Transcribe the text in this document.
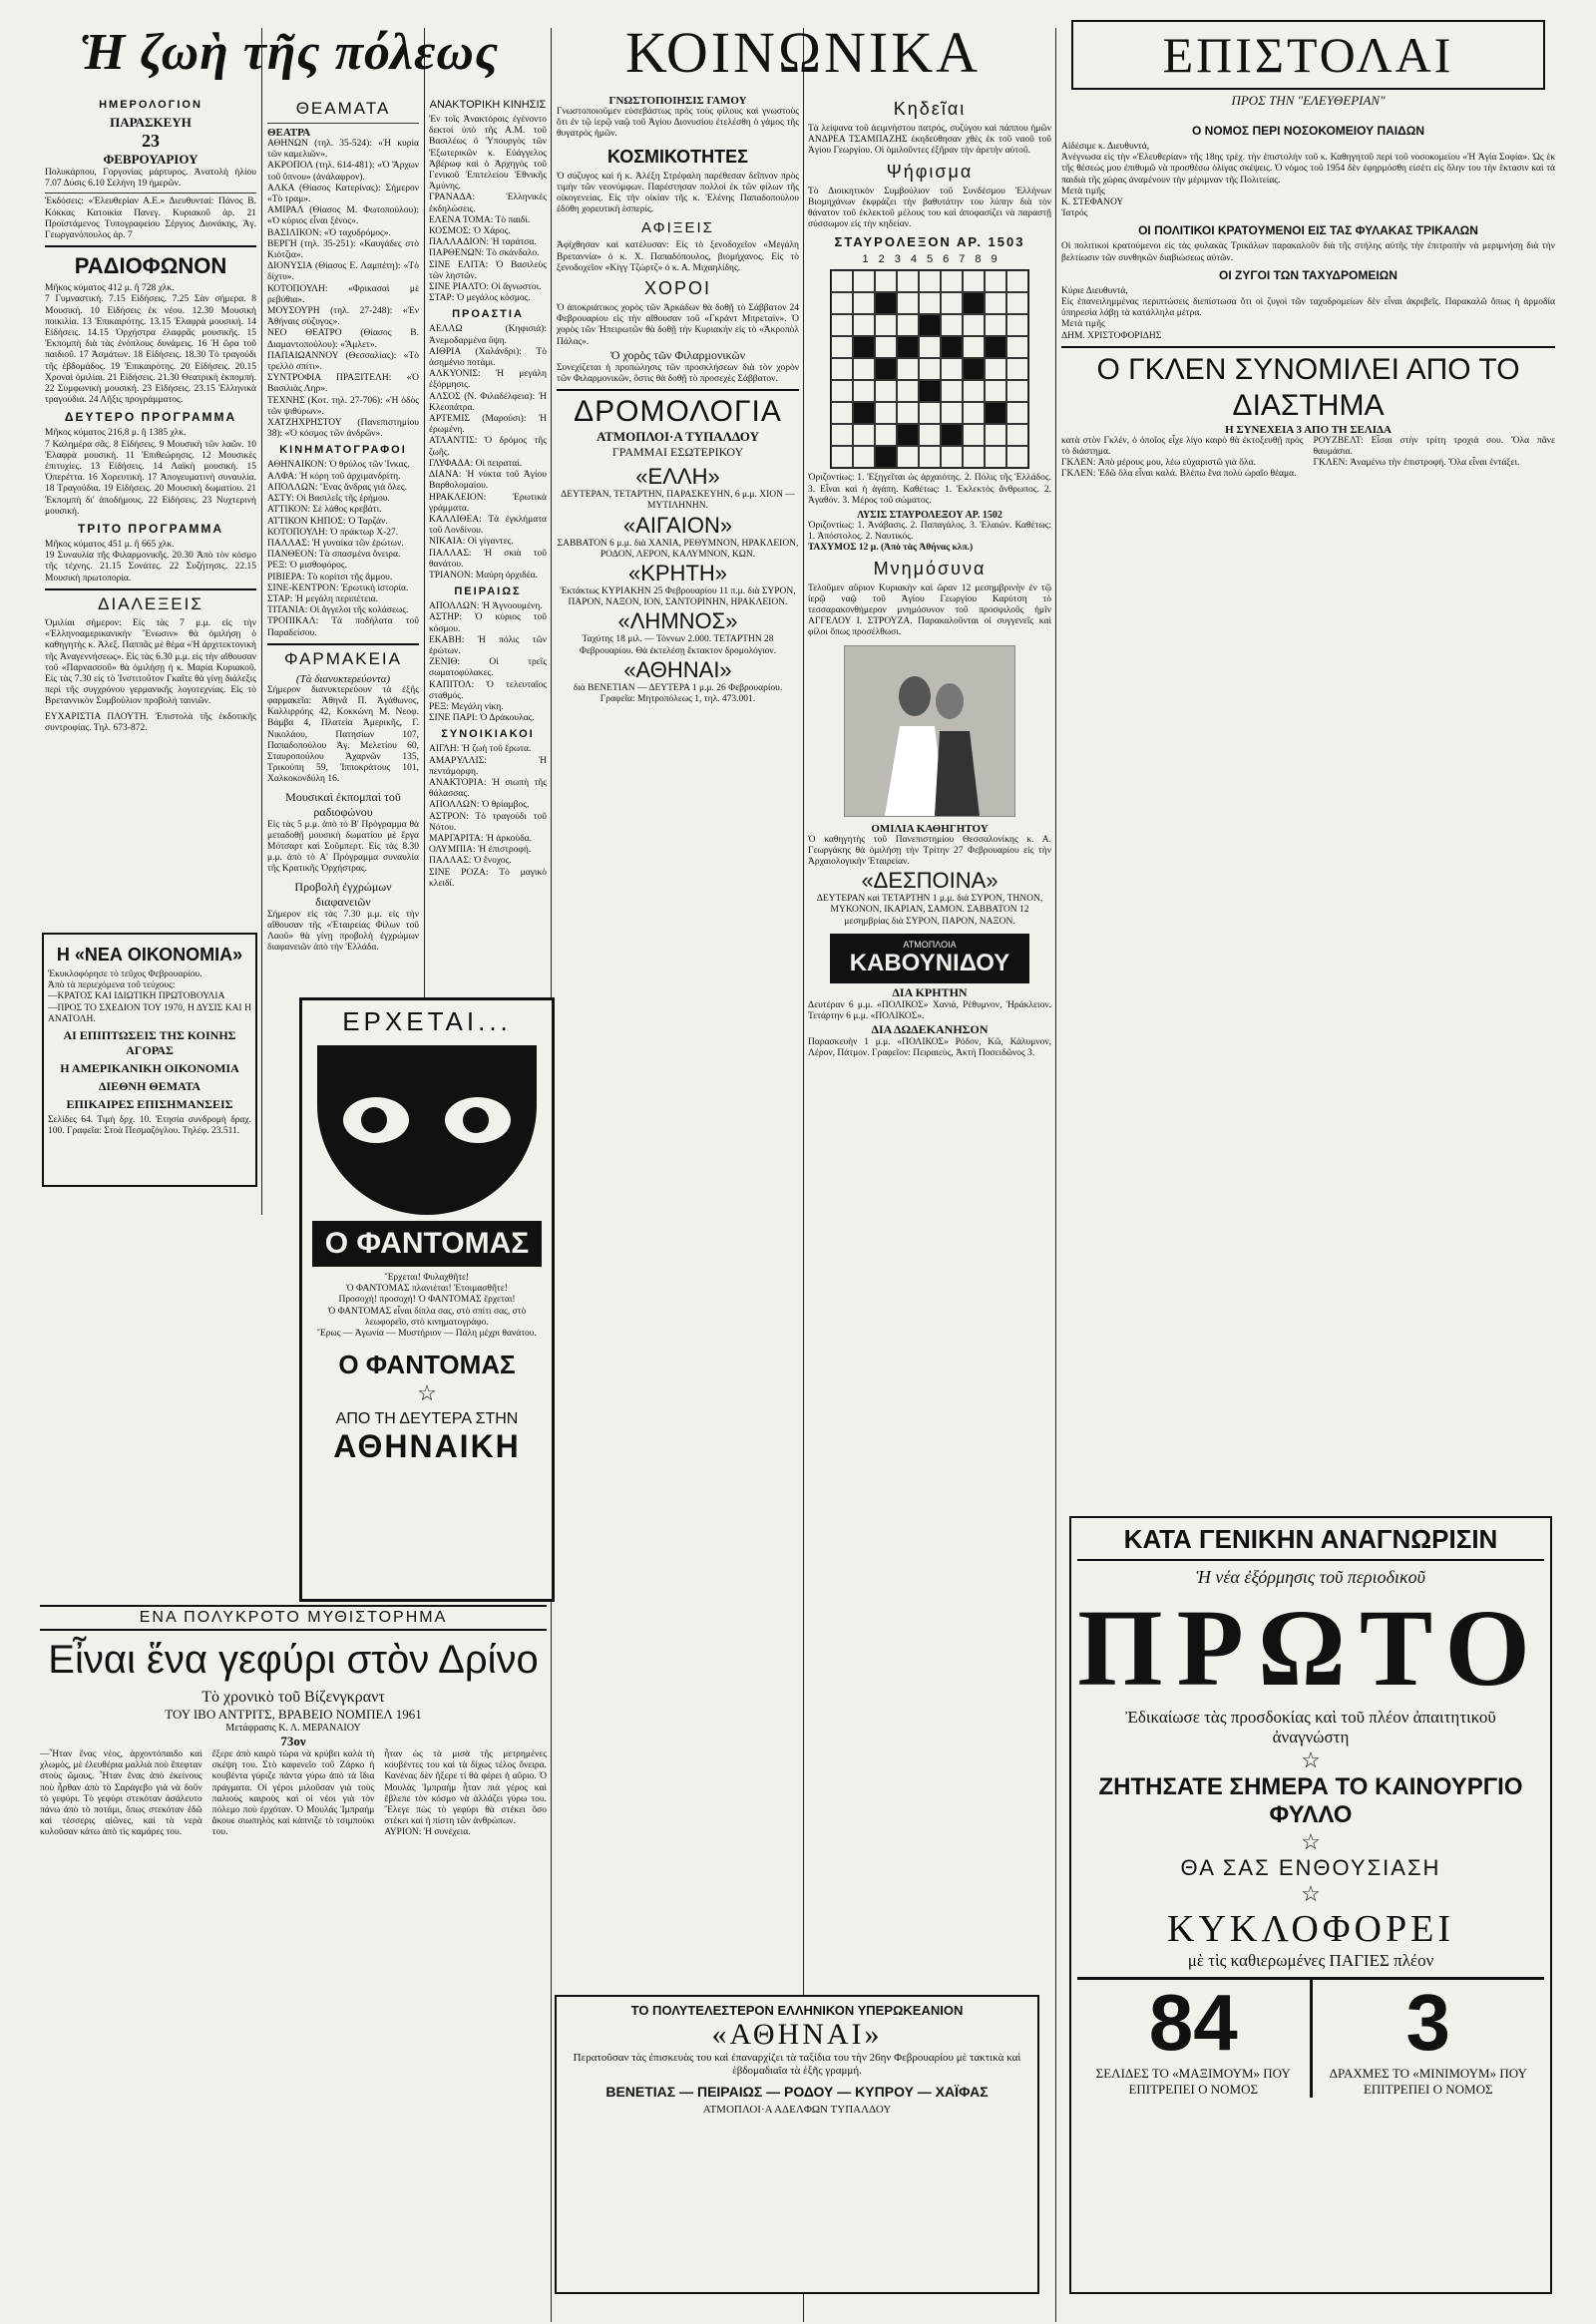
Ἡ ζωὴ τῆς πόλεως
ΗΜΕΡΟΛΟΓΙΟΝ
ΠΑΡΑΣΚΕΥΗ
23
ΦΕΒΡΟΥΑΡΙΟΥ
Πολυκάρπου, Γοργονίας μάρτυρος. Ἀνατολὴ ἡλίου 7.07 Δύσις 6.10 Σελήνη 19 ἡμερῶν.
Ἐκδόσεις: «Ἐλευθερίαν Α.Ε.» Διευθυνταί: Πάνος Β. Κόκκας Κατοικία Πανεγ. Κυριακοῦ ἀρ. 21 Προϊστάμενος Τυπογραφείου Σέργιος Διονάκης, Ἁγ. Γεωργανόπουλος ἀρ. 7
ΡΑΔΙΟΦΩΝΟΝ
Μῆκος κύματος 412 μ. ἢ 728 χλκ.
7 Γυμναστική. 7.15 Εἰδήσεις. 7.25 Σὰν σήμερα. 8 Μουσική. 10 Εἰδήσεις ἐκ νέου. 12.30 Μουσικὴ ποικιλία. 13 Ἐπικαιρότης. 13.15 Ἐλαφρὰ μουσική. 14 Εἰδήσεις. 14.15 Ὀρχήστρα ἐλαφρᾶς μουσικῆς. 15 Ἐκπομπὴ διὰ τὰς ἐνόπλους δυνάμεις. 16 Ἡ ὥρα τοῦ παιδιοῦ. 17 Ἀσμάτων. 18 Εἰδήσεις. 18.30 Τὸ τραγούδι τῆς ἑβδομάδος. 19 Ἐπικαιρότης. 20 Εἰδήσεις. 20.15 Χροναὶ ὁμιλίαι. 21 Εἰδήσεις. 21.30 Θεατρικὴ ἐκπομπή. 22 Συμφωνικὴ μουσική. 23 Εἰδήσεις. 23.15 Ἑλληνικὰ τραγούδια. 24 Λῆξις προγράμματος.
ΔΕΥΤΕΡΟ ΠΡΟΓΡΑΜΜΑ
Μῆκος κύματος 216,8 μ. ἢ 1385 χλκ.
7 Καλημέρα σᾶς. 8 Εἰδήσεις. 9 Μουσικὴ τῶν λαῶν. 10 Ἐλαφρὰ μουσική. 11 Ἐπιθεώρησις. 12 Μουσικὲς ἐπιτυχίες. 13 Εἰδήσεις. 14 Λαϊκὴ μουσική. 15 Ὀπερέττα. 16 Χορευτική. 17 Ἀπογευματινὴ συναυλία. 18 Τραγούδια. 19 Εἰδήσεις. 20 Μουσικὴ δωματίου. 21 Ἐκπομπὴ δι' ἀποδήμους. 22 Εἰδήσεις. 23 Νυχτερινὴ μουσική.
ΤΡΙΤΟ ΠΡΟΓΡΑΜΜΑ
Μῆκος κύματος 451 μ. ἢ 665 χλκ.
19 Συναυλία τῆς Φιλαρμονικῆς. 20.30 Ἀπὸ τὸν κόσμο τῆς τέχνης. 21.15 Σονάτες. 22 Συζήτησις. 22.15 Μουσικὴ πρωτοπορία.
ΔΙΑΛΕΞΕΙΣ
Ὁμιλίαι σήμερον: Εἰς τὰς 7 μ.μ. εἰς τὴν «Ἐλληνοαμερικανικὴν Ἕνωσιν» θὰ ὁμιλήσῃ ὁ καθηγητὴς κ. Ἀλεξ. Παππᾶς μὲ θέμα «Ἡ ἀρχιτεκτονικὴ τῆς Ἀναγεννήσεως». Εἰς τὰς 6.30 μ.μ. εἰς τὴν αἴθουσαν τοῦ «Παρνασσοῦ» θὰ ὁμιλήσῃ ἡ κ. Μαρία Κυριακοῦ. Εἰς τὰς 7.30 εἰς τὸ Ἰνστιτοῦτον Γκαῖτε θὰ γίνῃ διάλεξις περὶ τῆς συγχρόνου γερμανικῆς λογοτεχνίας. Εἰς τὸ Βρεταννικὸν Συμβούλιον προβολὴ ταινιῶν.
ΕΥΧΑΡΙΣΤΙΑ ΠΛΟΥΤΗ. Ἐπιστολὰ τῆς ἐκδοτικῆς συντροφίας. Τηλ. 673-872.
Η «ΝΕΑ ΟΙΚΟΝΟΜΙΑ»
Ἐκυκλοφόρησε τὸ τεῦχος Φεβρουαρίου.
Ἀπὸ τὰ περιεχόμενα τοῦ τεύχους:
—ΚΡΑΤΟΣ ΚΑΙ ΙΔΙΩΤΙΚΗ ΠΡΩΤΟΒΟΥΛΙΑ
—ΠΡΟΣ ΤΟ ΣΧΕΔΙΟΝ ΤΟΥ 1970, Η ΔΥΣΙΣ ΚΑΙ Η ΑΝΑΤΟΛΗ.
ΑΙ ΕΠΙΠΤΩΣΕΙΣ ΤΗΣ ΚΟΙΝΗΣ ΑΓΟΡΑΣ
Η ΑΜΕΡΙΚΑΝΙΚΗ ΟΙΚΟΝΟΜΙΑ
ΔΙΕΘΝΗ ΘΕΜΑΤΑ
ΕΠΙΚΑΙΡΕΣ ΕΠΙΣΗΜΑΝΣΕΙΣ
Σελίδες 64. Τιμὴ δρχ. 10. Ἐτησία συνδρομὴ δραχ. 100. Γραφεῖα: Στοὰ Πεσμαζόγλου. Τηλέφ. 23.511.
ΘΕΑΜΑΤΑ
ΘΕΑΤΡΑ
ΑΘΗΝΩΝ (τηλ. 35-524): «Ἡ κυρία τῶν καμελιῶν».
ΑΚΡΟΠΟΛ (τηλ. 614-481): «Ὁ Ἄρχων τοῦ ὕπνου» (ἀνάλαφρον).
ΑΛΚΑ (Θίασος Κατερίνας): Σήμερον «Τὸ τραμ».
ΑΜΙΡΑΛ (Θίασος Μ. Φωτοπούλου): «Ὁ κύριος εἶναι ξένος».
ΒΑΣΙΛΙΚΟΝ: «Ὁ ταχυδρόμος».
ΒΕΡΓΗ (τηλ. 35-251): «Καυγάδες στὸ Κιότζια».
ΔΙΟΝΥΣΙΑ (Θίασος Ε. Λαμπέτη): «Τὸ δίχτυ».
ΚΟΤΟΠΟΥΛΗ: «Φρικασαὶ μὲ ρεβύθια».
ΜΟΥΣΟΥΡΗ (τηλ. 27-248): «Ἐν Ἀθήναις σύζυγος».
ΝΕΟ ΘΕΑΤΡΟ (Θίασος Β. Διαμαντοπούλου): «Ἅμλετ».
ΠΑΠΑΙΩΑΝΝΟΥ (Θεσσαλίας): «Τὸ τρελλὸ σπίτι».
ΣΥΝΤΡΟΦΙΑ ΠΡΑΞΙΤΕΛΗ: «Ὁ Βασιλιὰς Ληρ».
ΤΕΧΝΗΣ (Κοτ. τηλ. 27-706): «Ἡ ὁδὸς τῶν ψιθύρων».
ΧΑΤΖΗΧΡΗΣΤΟΥ (Πανεπιστημίου 38): «Ὁ κόσμος τῶν ἀνδρῶν».
ΚΙΝΗΜΑΤΟΓΡΑΦΟΙ
ΑΘΗΝΑΙΚΟΝ: Ὁ θρύλος τῶν Ἰνκας.
ΑΛΦΑ: Ἡ κόρη τοῦ ἀρχιμανδρίτη.
ΑΠΟΛΛΩΝ: Ἕνας ἄνδρας γιὰ ὅλες.
ΑΣΤΥ: Οἱ Βασιλεῖς τῆς ἐρήμου.
ΑΤΤΙΚΟΝ: Σὲ λάθος κρεβάτι.
ΑΤΤΙΚΟΝ ΚΗΠΟΣ: Ὁ Ταρζάν.
ΚΟΤΟΠΟΥΛΗ: Ὁ πράκτωρ Χ-27.
ΠΑΛΛΑΣ: Ἡ γυναίκα τῶν ἐρώτων.
ΠΑΝΘΕΟΝ: Τὰ σπασμένα ὄνειρα.
ΡΕΞ: Ὁ μισθοφόρος.
ΡΙΒΙΕΡΑ: Τὸ κορίτσι τῆς ἄμμου.
ΣΙΝΕ-ΚΕΝΤΡΟΝ: Ἐρωτικὴ ἱστορία.
ΣΤΑΡ: Ἡ μεγάλη περιπέτεια.
ΤΙΤΑΝΙΑ: Οἱ ἄγγελοι τῆς κολάσεως.
ΤΡΟΠΙΚΑΛ: Τὰ ποδήλατα τοῦ Παραδείσου.
ΦΑΡΜΑΚΕΙΑ
(Τὰ διανυκτερεύοντα)
Σήμερον διανυκτερεύουν τὰ ἑξῆς φαρμακεῖα: Ἀθηνᾶ Π. Ἀγάθωνος, Καλλιρρόης 42, Κοκκώνη Μ. Νεοφ. Βάμβα 4, Πλατεία Ἀμερικῆς, Γ. Νικολάου, Πατησίων 107, Παπαδοπούλου Ἀγ. Μελετίου 60, Σταυροπούλου Ἀχαρνῶν 135, Τρικούπη 59, Ἱπποκράτους 101, Χαλκοκονδύλη 16.
Μουσικαὶ ἐκπομπαὶ τοῦ ραδιοφώνου
Εἰς τὰς 5 μ.μ. ἀπὸ τὸ Β' Πρόγραμμα θὰ μεταδοθῇ μουσικὴ δωματίου μὲ ἔργα Μότσαρτ καὶ Σοῦμπερτ. Εἰς τὰς 8.30 μ.μ. ἀπὸ τὸ Α' Πρόγραμμα συναυλία τῆς Κρατικῆς Ὀρχήστρας.
Προβολὴ ἐγχρώμων διαφανειῶν
Σήμερον εἰς τὰς 7.30 μ.μ. εἰς τὴν αἴθουσαν τῆς «Ἑταιρείας Φίλων τοῦ Λαοῦ» θὰ γίνῃ προβολὴ ἐγχρώμων διαφανειῶν ἀπὸ τὴν Ἑλλάδα.
ΑΝΑΚΤΟΡΙΚΗ ΚΙΝΗΣΙΣ
Ἐν τοῖς Ἀνακτόροις ἐγένοντο δεκτοί ὑπὸ τῆς Α.Μ. τοῦ Βασιλέως ὁ Ὑπουργὸς τῶν Ἐξωτερικῶν κ. Εὐάγγελος Ἀβέρωφ καὶ ὁ Ἀρχηγὸς τοῦ Γενικοῦ Ἐπιτελείου Ἐθνικῆς Ἀμύνης.
ΓΡΑΝΑΔΑ: Ἑλληνικὲς ἐκδηλώσεις.
ΕΛΕΝΑ ΤΟΜΑ: Τὸ παιδί.
ΚΟΣΜΟΣ: Ὁ Χάρος.
ΠΑΛΛΑΔΙΟΝ: Ἡ ταράτσα.
ΠΑΡΘΕΝΩΝ: Τὸ σκάνδαλο.
ΣΙΝΕ ΕΛΙΤΑ: Ὁ Βασιλεὺς τῶν ληστῶν.
ΣΙΝΕ ΡΙΑΛΤΟ: Οἱ ἄγνωστοι.
ΣΤΑΡ: Ὁ μεγάλος κόσμος.
ΠΡΟΑΣΤΙΑ
ΑΕΛΛΩ (Κηφισιά): Ἀνεμοδαρμένα ὕψη.
ΑΙΘΡΙΑ (Χαλάνδρι): Τὸ ἀσημένιο ποτάμι.
ΑΛΚΥΟΝΙΣ: Ἡ μεγάλη ἐξόρμησις.
ΑΛΣΟΣ (Ν. Φιλαδέλφεια): Ἡ Κλεοπάτρα.
ΑΡΤΕΜΙΣ (Μαρούσι): Ἡ ἐρωμένη.
ΑΤΛΑΝΤΙΣ: Ὁ δρόμος τῆς ζωῆς.
ΓΛΥΦΑΔΑ: Οἱ πειραταί.
ΔΙΑΝΑ: Ἡ νύκτα τοῦ Ἁγίου Βαρθολομαίου.
ΗΡΑΚΛΕΙΟΝ: Ἐρωτικὰ γράμματα.
ΚΑΛΛΙΘΕΑ: Τὰ ἐγκλήματα τοῦ Λονδίνου.
ΝΙΚΑΙΑ: Οἱ γίγαντες.
ΠΑΛΛΑΣ: Ἡ σκιὰ τοῦ θανάτου.
ΤΡΙΑΝΟΝ: Μαύρη ὀρχιδέα.
ΠΕΙΡΑΙΩΣ
ΑΠΟΛΛΩΝ: Ἡ Ἀγνοουμένη.
ΑΣΤΗΡ: Ὁ κύριος τοῦ κόσμου.
ΕΚΑΒΗ: Ἡ πόλις τῶν ἐρώτων.
ΖΕΝΙΘ: Οἱ τρεῖς σωματοφύλακες.
ΚΑΠΙΤΟΛ: Ὁ τελευταῖος σταθμός.
ΡΕΞ: Μεγάλη νίκη.
ΣΙΝΕ ΠΑΡΙ: Ὁ Δράκουλας.
ΣΥΝΟΙΚΙΑΚΟΙ
ΑΙΓΛΗ: Ἡ ζωὴ τοῦ ἔρωτα.
ΑΜΑΡΥΛΛΙΣ: Ἡ πεντάμορφη.
ΑΝΑΚΤΟΡΙΑ: Ἡ σιωπὴ τῆς θάλασσας.
ΑΠΟΛΛΩΝ: Ὁ θρίαμβος.
ΑΣΤΡΟΝ: Τὸ τραγούδι τοῦ Νότου.
ΜΑΡΓΑΡΙΤΑ: Ἡ ἀρκούδα.
ΟΛΥΜΠΙΑ: Ἡ ἐπιστροφή.
ΠΑΛΛΑΣ: Ὁ ἔνοχος.
ΣΙΝΕ ΡΟΖΑ: Τὸ μαγικὸ κλειδί.
ΕΡΧΕΤΑΙ...
Ο ΦΑΝΤΟΜΑΣ
Ἔρχεται! Φυλαχθῆτε!
Ὁ ΦΑΝΤΟΜΑΣ πλανιέται! Ἑτοιμασθῆτε!
Προσοχή! προσοχή! Ὁ ΦΑΝΤΟΜΑΣ ἔρχεται!
Ὁ ΦΑΝΤΟΜΑΣ εἶναι δίπλα σας, στὸ σπίτι σας, στὸ λεωφορεῖο, στὸ κινηματογράφο.
Ἔρως — Ἀγωνία — Μυστήριον — Πάλη μέχρι θανάτου.
Ο ΦΑΝΤΟΜΑΣ
☆
ΑΠΟ ΤΗ ΔΕΥΤΕΡΑ ΣΤΗΝ
ΑΘΗΝΑΙΚΗ
ΕΝΑ ΠΟΛΥΚΡΟΤΟ ΜΥΘΙΣΤΟΡΗΜΑ
Εἶναι ἕνα γεφύρι στὸν Δρίνο
Τὸ χρονικὸ τοῦ Βίζενγκραντ
ΤΟΥ ΙΒΟ ΑΝΤΡΙΤΣ, ΒΡΑΒΕΙΟ ΝΟΜΠΕΛ 1961
Μετάφρασις Κ. Λ. ΜΕΡΑΝΑΙΟΥ
73ον
—Ἦταν ἕνας νέος, ἀρχοντόπαιδο καὶ χλωμός, μὲ ἐλευθέρια μαλλιὰ ποὺ ἔπεφταν στοὺς ὤμους. Ἦταν ἕνας ἀπὸ ἐκείνους ποὺ ἦρθαν ἀπὸ τὸ Σαράγεβο γιὰ νὰ δοῦν τὸ γεφύρι. Τὸ γεφύρι στεκόταν ἀσάλευτο πάνω ἀπὸ τὸ ποτάμι, ὅπως στεκόταν ἐδῶ καὶ τέσσερις αἰῶνες, καὶ τὰ νερὰ κυλοῦσαν κάτω ἀπὸ τὶς καμάρες του.
ἔξερε ἀπὸ καιρὸ τώρα νὰ κρύβει καλὰ τὴ σκέψη του. Στὸ καφενεῖο τοῦ Ζάρκο ἡ κουβέντα γύριζε πάντα γύρω ἀπὸ τὰ ἴδια πράγματα. Οἱ γέροι μιλοῦσαν γιὰ τοὺς παλιοὺς καιροὺς καὶ οἱ νέοι γιὰ τὸν πόλεμο ποὺ ἐρχόταν. Ὁ Μουλάς Ἰμπραήμ ἄκουε σιωπηλὸς καὶ κάπνιζε τὸ τσιμπούκι του.
ἦταν ὡς τὰ μισὰ τῆς μετρημένες κουβέντες του καὶ τὰ δίχως τέλος ὄνειρα. Κανένας δὲν ἤξερε τί θὰ φέρει ἡ αὔριο. Ὁ Μουλὰς Ἰμπραὴμ ἦταν πιὰ γέρος καὶ ἔβλεπε τὸν κόσμο νὰ ἀλλάζει γύρω του. Ἔλεγε πὼς τὸ γεφύρι θὰ στέκει ὅσο στέκει καὶ ἡ πίστη τῶν ἀνθρώπων.
ΑΥΡΙΟΝ: Ἡ συνέχεια.
ΚΟΙΝΩΝΙΚΑ
ΓΝΩΣΤΟΠΟΙΗΣΙΣ ΓΑΜΟΥ
Γνωστοποιοῦμεν εὐσεβάστως πρὸς τοὺς φίλους καὶ γνωστοὺς ὅτι ἐν τῷ ἱερῷ ναῷ τοῦ Ἁγίου Διονυσίου ἐτελέσθη ὁ γάμος τῆς θυγατρὸς ἡμῶν.
ΚΟΣΜΙΚΟΤΗΤΕΣ
Ὁ σύζυγος καὶ ἡ κ. Ἀλέξη Στρέφαλη παρέθεσαν δεῖπνον πρὸς τιμὴν τῶν νεονύμφων. Παρέστησαν πολλοὶ ἐκ τῶν φίλων τῆς οἰκογενείας. Εἰς τὴν οἰκίαν τῆς κ. Ἑλένης Παπαδοπούλου ἐδόθη χορευτικὴ ἑσπερίς.
ΑΦΙΞΕΙΣ
Ἀφίχθησαν καὶ κατέλυσαν: Εἰς τὸ ξενοδοχεῖον «Μεγάλη Βρεταννία» ὁ κ. Χ. Παπαδόπουλος, βιομήχανος. Εἰς τὸ ξενοδοχεῖον «Κίγγ Τζώρτζ» ὁ κ. Α. Μιχαηλίδης.
ΧΟΡΟΙ
Ὁ ἀποκριάτικος χορὸς τῶν Ἀρκάδων θὰ δοθῇ τὸ Σάββατον 24 Φεβρουαρίου εἰς τὴν αἴθουσαν τοῦ «Γκράντ Μπρεταίν». Ὁ χορὸς τῶν Ἠπειρωτῶν θὰ δοθῇ τὴν Κυριακὴν εἰς τὸ «Ἀκροπὸλ Πάλας».
Ὁ χορὸς τῶν Φιλαρμονικῶν
Συνεχίζεται ἡ προπώλησις τῶν προσκλήσεων διὰ τὸν χορὸν τῶν Φιλαρμονικῶν, ὅστις θὰ δοθῇ τὸ προσεχὲς Σάββατον.
ΔΡΟΜΟΛΟΓΙΑ
ΑΤΜΟΠΛΟΙ·Α ΤΥΠΑΛΔΟΥ
ΓΡΑΜΜΑΙ ΕΣΩΤΕΡΙΚΟΥ
«ΕΛΛΗ»
ΔΕΥΤΕΡΑΝ, ΤΕΤΑΡΤΗΝ, ΠΑΡΑΣΚΕΥΗΝ, 6 μ.μ. ΧΙΟΝ — ΜΥΤΙΛΗΝΗΝ.
«ΑΙΓΑΙΟΝ»
ΣΑΒΒΑΤΟΝ 6 μ.μ. διὰ ΧΑΝΙΑ, ΡΕΘΥΜΝΟΝ, ΗΡΑΚΛΕΙΟΝ, ΡΟΔΟΝ, ΛΕΡΟΝ, ΚΑΛΥΜΝΟΝ, ΚΩΝ.
«ΚΡΗΤΗ»
Ἐκτάκτως ΚΥΡΙΑΚΗΝ 25 Φεβρουαρίου 11 π.μ. διὰ ΣΥΡΟΝ, ΠΑΡΟΝ, ΝΑΞΟΝ, ΙΟΝ, ΣΑΝΤΟΡΙΝΗΝ, ΗΡΑΚΛΕΙΟΝ.
«ΛΗΜΝΟΣ»
Ταχύτης 18 μιλ. — Τόννων 2.000. ΤΕΤΑΡΤΗΝ 28 Φεβρουαρίου. Θὰ ἐκτελέσῃ ἔκτακτον δρομολόγιον.
«ΑΘΗΝΑΙ»
διὰ ΒΕΝΕΤΙΑΝ — ΔΕΥΤΕΡΑ 1 μ.μ. 26 Φεβρουαρίου. Γραφεῖα: Μητροπόλεως 1, τηλ. 473.001.
Κηδεῖαι
Τὰ λείψανα τοῦ ἀειμνήστου πατρός, συζύγου καὶ πάππου ἡμῶν ΑΝΔΡΕΑ ΤΣΑΜΠΑΖΗΣ ἐκηδεύθησαν χθὲς ἐκ τοῦ ναοῦ τοῦ Ἁγίου Γεωργίου. Οἱ ὁμιλοῦντες ἐξῆραν τὴν ἀρετὴν αὐτοῦ.
Ψήφισμα
Τὸ Διοικητικὸν Συμβούλιον τοῦ Συνδέσμου Ἑλλήνων Βιομηχάνων ἐκφράζει τὴν βαθυτάτην του λύπην διὰ τὸν θάνατον τοῦ ἐκλεκτοῦ μέλους του καὶ ἀποφασίζει νὰ παραστῇ σύσσωμον εἰς τὴν κηδείαν.
ΣΤΑΥΡΟΛΕΞΟΝ ΑΡ. 1503
1 2 3 4 5 6 7 8 9
Ὁριζοντίως: 1. Ἐξηγεῖται ὡς ἀρχαιότης. 2. Πόλις τῆς Ἑλλάδος. 3. Εἶναι καὶ ἡ ἀγάπη. Καθέτως: 1. Ἐκλεκτὸς ἄνθρωπος. 2. Ἀγαθόν. 3. Μέρος τοῦ σώματος.
ΛΥΣΙΣ ΣΤΑΥΡΟΛΕΞΟΥ ΑΡ. 1502
Ὁριζοντίως: 1. Ἀνάβασις. 2. Παπαγάλος. 3. Ἐλαιών. Καθέτως: 1. Ἀπόστολος. 2. Ναυτικός.
ΤΑΧΥΜΟΣ 12 μ. (Ἀπὸ τὰς Ἀθήνας κλπ.)
Μνημόσυνα
Τελοῦμεν αὔριον Κυριακὴν καὶ ὥραν 12 μεσημβρινὴν ἐν τῷ ἱερῷ ναῷ τοῦ Ἁγίου Γεωργίου Καρύτση τὸ τεσσαρακονθήμερον μνημόσυνον τοῦ προσφιλοῦς ἡμῖν ΑΓΓΕΛΟΥ Ι. ΣΤΡΟΥΖΑ. Παρακαλοῦνται οἱ συγγενεῖς καὶ φίλοι ὅπως προσέλθωσι.
ΟΜΙΛΙΑ ΚΑΘΗΓΗΤΟΥ
Ὁ καθηγητὴς τοῦ Πανεπιστημίου Θεσσαλονίκης κ. Α. Γεωργάκης θὰ ὁμιλήσῃ τὴν Τρίτην 27 Φεβρουαρίου εἰς τὴν Ἀρχαιολογικὴν Ἑταιρείαν.
«ΔΕΣΠΟΙΝΑ»
ΔΕΥΤΕΡΑΝ καὶ ΤΕΤΑΡΤΗΝ 1 μ.μ. διὰ ΣΥΡΟΝ, ΤΗΝΟΝ, ΜΥΚΟΝΟΝ, ΙΚΑΡΙΑΝ, ΣΑΜΟΝ. ΣΑΒΒΑΤΟΝ 12 μεσημβρίας διὰ ΣΥΡΟΝ, ΠΑΡΟΝ, ΝΑΞΟΝ.
ΑΤΜΟΠΛΟΙΑ
ΚΑΒΟΥΝΙΔΟΥ
ΔΙΑ ΚΡΗΤΗΝ
Δευτέραν 6 μ.μ. «ΠΟΛΙΚΟΣ» Χανιά, Ρέθυμνον, Ἡράκλειον. Τετάρτην 6 μ.μ. «ΠΟΛΙΚΟΣ».
ΔΙΑ ΔΩΔΕΚΑΝΗΣΟΝ
Παρασκευὴν 1 μ.μ. «ΠΟΛΙΚΟΣ» Ρόδον, Κῶ, Κάλυμνον, Λέρον, Πάτμον. Γραφεῖον: Πειραιεὺς, Ἀκτὴ Ποσειδῶνος 3.
ΤΟ ΠΟΛΥΤΕΛΕΣΤΕΡΟΝ ΕΛΛΗΝΙΚΟΝ ΥΠΕΡΩΚΕΑΝΙΟΝ
«ΑΘΗΝΑΙ»
Περατοῦσαν τὰς ἐπισκευὰς του καὶ ἐπαναρχίζει τὰ ταξίδια του τὴν 26ην Φεβρουαρίου μὲ τακτικὰ καὶ ἑβδομαδιαῖα τὰ ἑξῆς γραμμή.
ΒΕΝΕΤΙΑΣ — ΠΕΙΡΑΙΩΣ — ΡΟΔΟΥ — ΚΥΠΡΟΥ — ΧΑΪΦΑΣ
ΑΤΜΟΠΛΟΙ·Α ΑΔΕΛΦΩΝ ΤΥΠΑΛΔΟΥ
ΕΠΙΣΤΟΛΑΙ
ΠΡΟΣ ΤΗΝ "ΕΛΕΥΘΕΡΙΑΝ"
Ο ΝΟΜΟΣ ΠΕΡΙ ΝΟΣΟΚΟΜΕΙΟΥ ΠΑΙΔΩΝ
Αἰδέσιμε κ. Διευθυντά,
Ἀνέγνωσα εἰς τὴν «Ἐλευθερίαν» τῆς 18ης τρέχ. τὴν ἐπιστολὴν τοῦ κ. Καθηγητοῦ περὶ τοῦ νοσοκομείου «Ἡ Ἁγία Σοφία». Ὡς ἐκ τῆς θέσεώς μου ἐπιθυμῶ νὰ προσθέσω ὀλίγας σκέψεις. Ὁ νόμος τοῦ 1954 δὲν ἐφηρμόσθη εἰσέτι εἰς ὅλην του τὴν ἔκτασιν καὶ τὰ παιδιὰ τῆς χώρας ἀναμένουν τὴν μέριμναν τῆς Πολιτείας.
Μετὰ τιμῆς
Κ. ΣΤΕΦΑΝΟΥ
Ἰατρός
ΟΙ ΠΟΛΙΤΙΚΟΙ ΚΡΑΤΟΥΜΕΝΟΙ ΕΙΣ ΤΑΣ ΦΥΛΑΚΑΣ ΤΡΙΚΑΛΩΝ
Οἱ πολιτικοὶ κρατούμενοι εἰς τὰς φυλακὰς Τρικάλων παρακαλοῦν διὰ τῆς στήλης αὐτῆς τὴν ἐπιτροπὴν νὰ μεριμνήσῃ διὰ τὴν βελτίωσιν τῶν συνθηκῶν διαβιώσεως αὐτῶν.
ΟΙ ΖΥΓΟΙ ΤΩΝ ΤΑΧΥΔΡΟΜΕΙΩΝ
Κύριε Διευθυντά,
Εἰς ἐπανειλημμένας περιπτώσεις διεπίστωσα ὅτι οἱ ζυγοὶ τῶν ταχυδρομείων δὲν εἶναι ἀκριβεῖς. Παρακαλῶ ὅπως ἡ ἁρμοδία ὑπηρεσία λάβῃ τὰ κατάλληλα μέτρα.
Μετὰ τιμῆς
ΔΗΜ. ΧΡΙΣΤΟΦΟΡΙΔΗΣ
Ο ΓΚΛΕΝ ΣΥΝΟΜΙΛΕΙ ΑΠΟ ΤΟ ΔΙΑΣΤΗΜΑ
Η ΣΥΝΕΧΕΙΑ 3 ΑΠΟ ΤΗ ΣΕΛΙΔΑ
κατὰ στὸν Γκλέν, ὁ ὁποῖος εἶχε λίγο καιρὸ θὰ ἐκτοξευθῇ πρὸς τὸ διάστημα.
ΓΚΛΕΝ: Ἀπὸ μέρους μου, λέω εὐχαριστῶ γιὰ ὅλα.
ΓΚΛΕΝ: Ἐδῶ ὅλα εἶναι καλά. Βλέπω ἔνα πολὺ ὡραῖο θέαμα.
ΡΟΥΖΒΕΛΤ: Εἶσαι στὴν τρίτη τροχιά σου. Ὅλα πᾶνε θαυμάσια.
ΓΚΛΕΝ: Ἀναμένω τὴν ἐπιστροφή. Ὅλα εἶναι ἐντάξει.
ΚΑΤΑ ΓΕΝΙΚΗΝ ΑΝΑΓΝΩΡΙΣΙΝ
Ἡ νέα ἐξόρμησις τοῦ περιοδικοῦ
ΠΡΩΤΟ
Ἐδικαίωσε τὰς προσδοκίας καὶ τοῦ πλέον ἀπαιτητικοῦ ἀναγνώστη
☆
ΖΗΤΗΣΑΤΕ ΣΗΜΕΡΑ ΤΟ ΚΑΙΝΟΥΡΓΙΟ ΦΥΛΛΟ
☆
ΘΑ ΣΑΣ ΕΝΘΟΥΣΙΑΣΗ
☆
ΚΥΚΛΟΦΟΡΕΙ
μὲ τὶς καθιερωμένες ΠΑΓΙΕΣ πλέον
84
ΣΕΛΙΔΕΣ ΤΟ «ΜΑΞΙΜΟΥΜ» ΠΟΥ ΕΠΙΤΡΕΠΕΙ Ο ΝΟΜΟΣ
3
ΔΡΑΧΜΕΣ ΤΟ «ΜΙΝΙΜΟΥΜ» ΠΟΥ ΕΠΙΤΡΕΠΕΙ Ο ΝΟΜΟΣ
